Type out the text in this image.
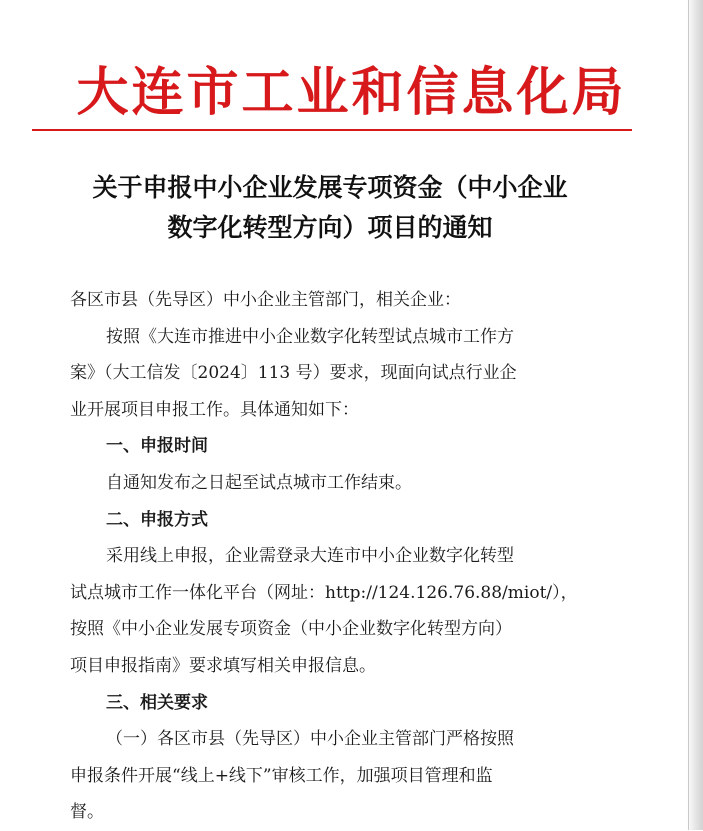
大连市工业和信息化局
关于申报中小企业发展专项资金（中小企业
数字化转型方向）项目的通知
各区市县（先导区）中小企业主管部门，相关企业：
按照《大连市推进中小企业数字化转型试点城市工作方
案》（大工信发〔2024〕113 号）要求，现面向试点行业企
业开展项目申报工作。具体通知如下：
一、申报时间
自通知发布之日起至试点城市工作结束。
二、申报方式
采用线上申报，企业需登录大连市中小企业数字化转型
试点城市工作一体化平台（网址：http://124.126.76.88/miot/），
按照《中小企业发展专项资金（中小企业数字化转型方向）
项目申报指南》要求填写相关申报信息。
三、相关要求
（一）各区市县（先导区）中小企业主管部门严格按照
申报条件开展“线上+线下”审核工作，加强项目管理和监
督。
